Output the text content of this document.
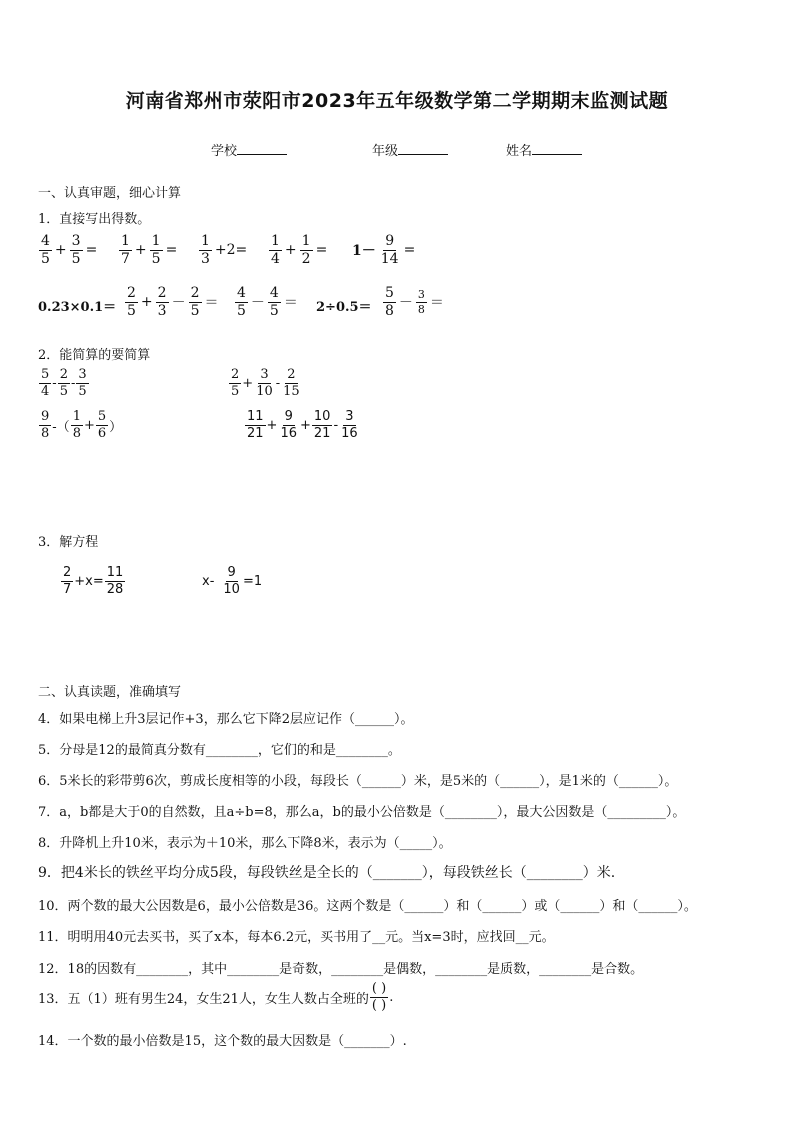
河南省郑州市荥阳市2023年五年级数学第二学期期末监测试题
学校	年级	姓名
一、认真审题，细心计算
1．直接写出得数。
$\frac{4}{5} + \frac{3}{5} = \frac{1}{7} + \frac{1}{5} = \frac{1}{3} +2= \frac{1}{4} + \frac{1}{2} = 1- \frac{9}{14}$ =
$0.23\times 0.1= \frac{2}{5} + \frac{2}{3} - \frac{2}{5} = \frac{4}{5} - \frac{4}{5} = 2\div 0.5= \frac{5}{8} - \frac{3}{8}$ ＝
2．能简算的要简算
$\frac{5}{4} - \frac{2}{5} - \frac{3}{5}$	$\frac{2}{5} + \frac{3}{10} - \frac{2}{15}$
$\frac{9}{8}$ -（ $\frac{1}{8} + \frac{5}{6}$ ）	$\frac{11}{21} + \frac{9}{16} + \frac{10}{21} - \frac{3}{16}$
3．解方程
$\frac{2}{7} +x= \frac{11}{28}$	$x- \frac{9}{10} =1$
二、认真读题，准确填写
4．如果电梯上升3层记作+3，那么它下降2层应记作（______）。
5．分母是12的最简真分数有________，它们的和是________。
6．5米长的彩带剪6次，剪成长度相等的小段，每段长（______）米，是5米的（______），是1米的（______）。
7．a，b都是大于0的自然数，且a÷b=8，那么a，b的最小公倍数是（________），最大公因数是（_________）。
8．升降机上升10米，表示为＋10米，那么下降8米，表示为（_____）。
9．把4米长的铁丝平均分成5段，每段铁丝是全长的（_______），每段铁丝长（________）米.
10．两个数的最大公因数是6，最小公倍数是36。这两个数是（______）和（______）或（______）和（______）。
11．明明用40元去买书，买了x本，每本6.2元，买书用了__元。当x=3时，应找回__元。
12．18的因数有________，其中________是奇数，________是偶数，________是质数，________是合数。
13．五（1）班有男生24，女生21人，女生人数占全班的 $\frac{( )}{( )}$ .
14．一个数的最小倍数是15，这个数的最大因数是（_______）.
